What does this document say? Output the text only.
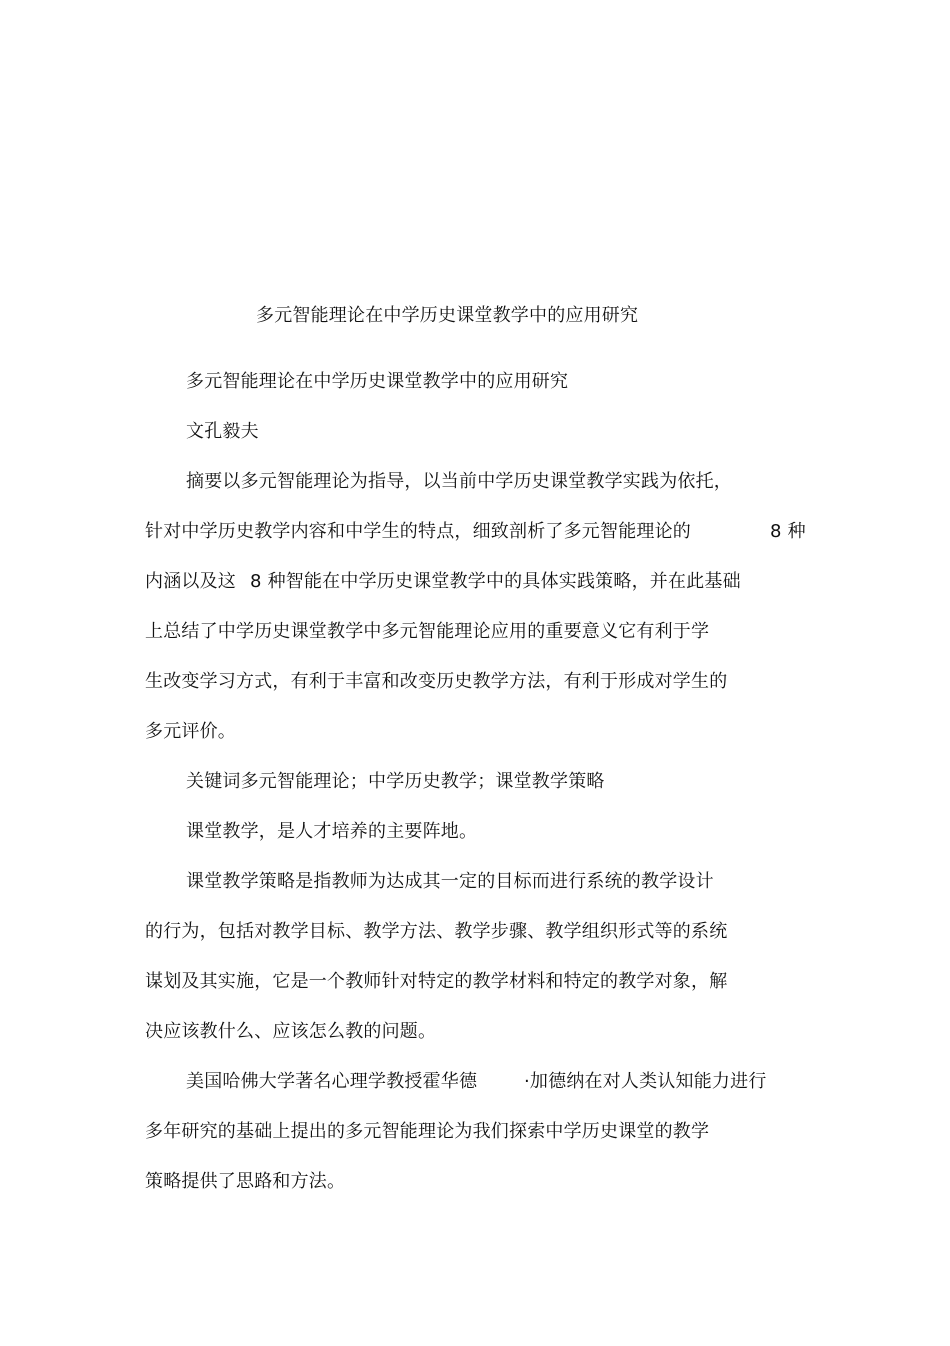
多元智能理论在中学历史课堂教学中的应用研究
多元智能理论在中学历史课堂教学中的应用研究
文孔毅夫
摘要以多元智能理论为指导，以当前中学历史课堂教学实践为依托，
针对中学历史教学内容和中学生的特点，细致剖析了多元智能理论的	8 种
内涵以及这 8 种智能在中学历史课堂教学中的具体实践策略，并在此基础
上总结了中学历史课堂教学中多元智能理论应用的重要意义它有利于学
生改变学习方式，有利于丰富和改变历史教学方法，有利于形成对学生的
多元评价。
关键词多元智能理论；中学历史教学；课堂教学策略
课堂教学，是人才培养的主要阵地。
课堂教学策略是指教师为达成其一定的目标而进行系统的教学设计
的行为，包括对教学目标、教学方法、教学步骤、教学组织形式等的系统
谋划及其实施，它是一个教师针对特定的教学材料和特定的教学对象，解
决应该教什么、应该怎么教的问题。
美国哈佛大学著名心理学教授霍华德	·加德纳在对人类认知能力进行
多年研究的基础上提出的多元智能理论为我们探索中学历史课堂的教学
策略提供了思路和方法。
